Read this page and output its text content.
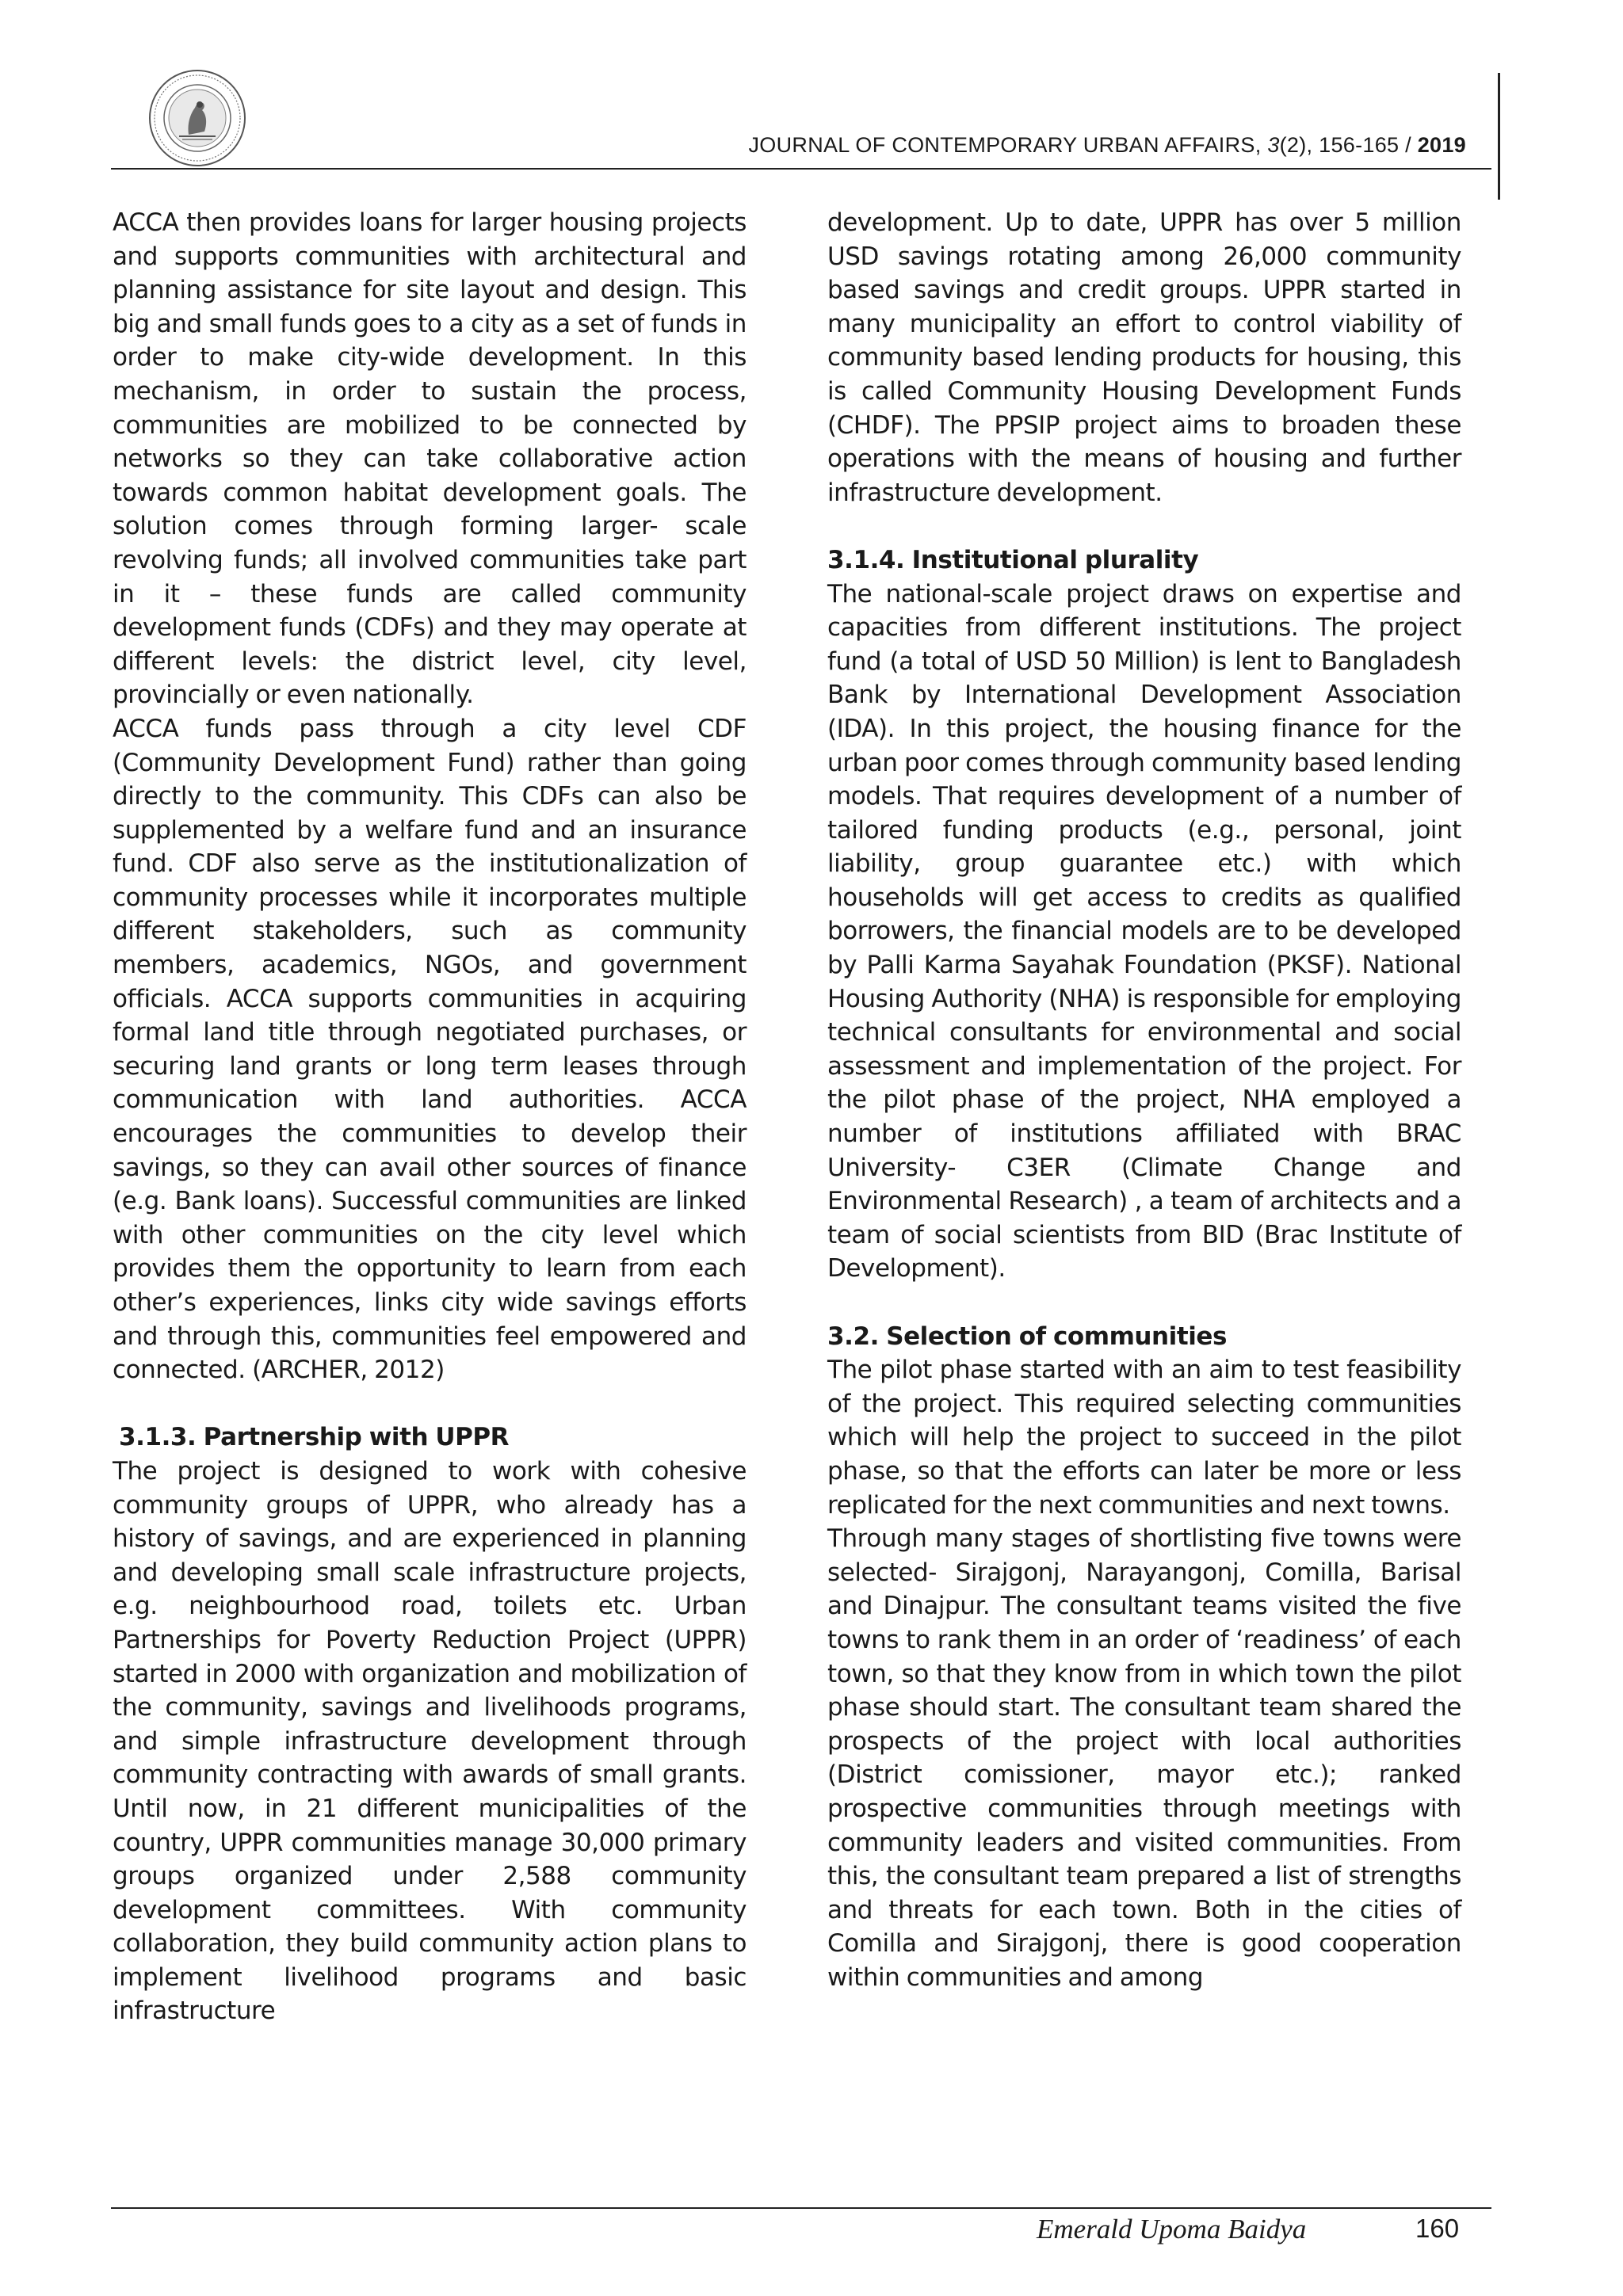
JOURNAL OF CONTEMPORARY URBAN AFFAIRS, 3(2), 156-165 / 2019

ACCA then provides loans for larger housing projects and supports communities with architectural and planning assistance for site layout and design. This big and small funds goes to a city as a set of funds in order to make city-wide development. In this mechanism, in order to sustain the process, communities are mobilized to be connected by networks so they can take collaborative action towards common habitat development goals. The solution comes through forming larger- scale revolving funds; all involved communities take part in it – these funds are called community development funds (CDFs) and they may operate at different levels: the district level, city level, provincially or even nationally.

ACCA funds pass through a city level CDF (Community Development Fund) rather than going directly to the community. This CDFs can also be supplemented by a welfare fund and an insurance fund. CDF also serve as the institutionalization of community processes while it incorporates multiple different stakeholders, such as community members, academics, NGOs, and government officials. ACCA supports communities in acquiring formal land title through negotiated purchases, or securing land grants or long term leases through communication with land authorities. ACCA encourages the communities to develop their savings, so they can avail other sources of finance (e.g. Bank loans). Successful communities are linked with other communities on the city level which provides them the opportunity to learn from each other’s experiences, links city wide savings efforts and through this, communities feel empowered and connected. (ARCHER, 2012)

3.1.3. Partnership with UPPR

The project is designed to work with cohesive community groups of UPPR, who already has a history of savings, and are experienced in planning and developing small scale infrastructure projects, e.g. neighbourhood road, toilets etc. Urban Partnerships for Poverty Reduction Project (UPPR) started in 2000 with organization and mobilization of the community, savings and livelihoods programs, and simple infrastructure development through community contracting with awards of small grants. Until now, in 21 different municipalities of the country, UPPR communities manage 30,000 primary groups organized under 2,588 community development committees. With community collaboration, they build community action plans to implement livelihood programs and basic infrastructure

development. Up to date, UPPR has over 5 million USD savings rotating among 26,000 community based savings and credit groups. UPPR started in many municipality an effort to control viability of community based lending products for housing, this is called Community Housing Development Funds (CHDF). The PPSIP project aims to broaden these operations with the means of housing and further infrastructure development.

3.1.4. Institutional plurality

The national-scale project draws on expertise and capacities from different institutions. The project fund (a total of USD 50 Million) is lent to Bangladesh Bank by International Development Association (IDA). In this project, the housing finance for the urban poor comes through community based lending models. That requires development of a number of tailored funding products (e.g., personal, joint liability, group guarantee etc.) with which households will get access to credits as qualified borrowers, the financial models are to be developed by Palli Karma Sayahak Foundation (PKSF). National Housing Authority (NHA) is responsible for employing technical consultants for environmental and social assessment and implementation of the project. For the pilot phase of the project, NHA employed a number of institutions affiliated with BRAC University- C3ER (Climate Change and Environmental Research) , a team of architects and a team of social scientists from BID (Brac Institute of Development).

3.2. Selection of communities

The pilot phase started with an aim to test feasibility of the project. This required selecting communities which will help the project to succeed in the pilot phase, so that the efforts can later be more or less replicated for the next communities and next towns.

Through many stages of shortlisting five towns were selected- Sirajgonj, Narayangonj, Comilla, Barisal and Dinajpur. The consultant teams visited the five towns to rank them in an order of ‘readiness’ of each town, so that they know from in which town the pilot phase should start. The consultant team shared the prospects of the project with local authorities (District comissioner, mayor etc.); ranked prospective communities through meetings with community leaders and visited communities. From this, the consultant team prepared a list of strengths and threats for each town. Both in the cities of Comilla and Sirajgonj, there is good cooperation within communities and among

Emerald Upoma Baidya	160
